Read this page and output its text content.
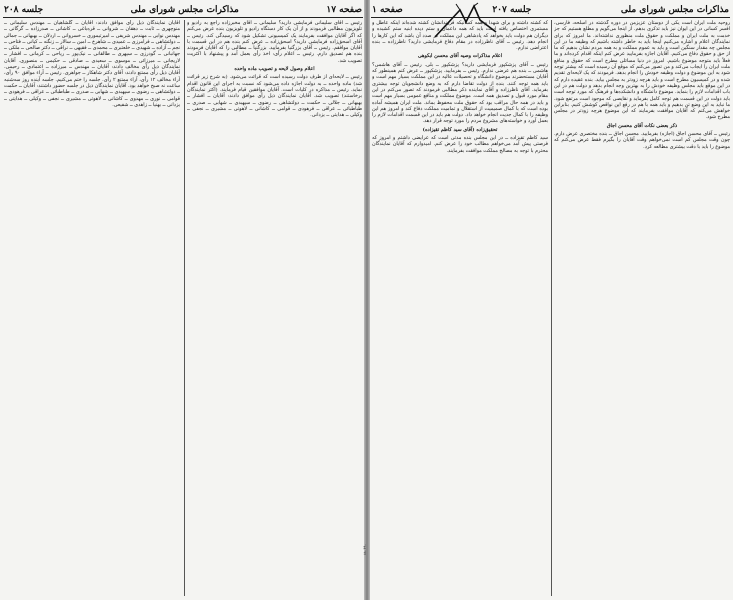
صفحه ۱	جلسه ۲۰۷	مذاکرات مجلس شورای ملی

روحیه ملت ایران است یکی از دوستان عزیزمن در دوره گذشته در اسلحه، فارسی، افسر کسانی در این ایوان نیز باید تذکری بدهم. از اینجا می‌گویم و مطلع هستیم که جز خدمت به ملت ایران و مملکت و حقوق ملت منظوری نداشته‌اند. ما امروز که برای نمایندگان اعلام و اشاره می‌کنیم اینجا باید به خاطر داشته باشیم که وظیفه ما در این مجلس چه مقدار سنگین است و باید به عموم مملکت و به همه مردم نشان بدهیم که ما از حق و حقوق دفاع می‌کنیم. آقایان اجازه بفرمایید عرض کنم اینکه اقدام کرده‌اند و ما فعلاً باید متوجه موضوع باشیم. امروز در دنیا مسائلی مطرح است که حقوق و منافع ملت ایران را ایجاب می‌کند و من تصور می‌کنم که موقع آن رسیده است که بیشتر توجه شود به این موضوع و دولت وظیفه خودش را انجام بدهد. فرمودند که یک لایحه‌ای تقدیم شده و در کمیسیون مطرح است و باید هرچه زودتر به مجلس بیاید. بنده عقیده دارم که در این موقع باید مجلس وظیفه خودش را به بهترین وجه انجام بدهد و دولت هم در این باب اقدامات لازم را بنماید. موضوع دانشگاه و دانشکده‌ها و فرهنگ که مورد توجه است باید دولت در این قسمت هم توجه کامل بفرماید و نقایصی که موجود است مرتفع شود. ما نباید به این وضع تن بدهیم و باید همه با هم در رفع این نواقص کوشش کنیم. بنابراین خواهش می‌کنم که آقایان موافقت بفرمایند که این موضوع هرچه زودتر در مجلس مطرح شود.

ذکر بعضی نکات آقای محسن اجاق

رئیس ــ آقای محسن اجاق (اجازه) بفرمایید. محسن اجاق ــ بنده مختصری عرض دارم. چون وقت مجلس کم است نمی‌خواهم وقت آقایان را بگیرم فقط عرض می‌کنم که موضوع را باید با دقت بیشتری مطالعه کرد.

که کشته داشته و برای شهدا و همه کسانیکه فرزندانشان کشته شده‌اند اینکه عاطل و مستمری اختصاص یافته است باید که همه داعمان و ستم دیده ابنیه ستم کشیده و دیگران هم دولت باید بخواهد که پادشاهی این مملکت در صدد آن باشد که این کارها را انجام دهد. رئیس ــ آقای ناظرزاده در مقام دفاع فرمایشی دارید؟ ناظرزاده ــ بنده اعتراضی ندارم.

اعلام مذاکرات وصیه آقای محسن ابکوهی

رئیس ــ آقای پزشکپور فرمایشی دارید؟ پزشکپور ــ بلی. رئیس ــ آقای هاشمی؟ هاشمی ــ بنده هم عرضی ندارم. رئیس ــ بفرمایید. پزشکپور ــ عرض کنم همینطور که آقایان مستحضرند موضوع دانشگاه و تحصیلات عالیه در این مملکت بسیار مهم است و باید همه توجه کنند. بنده از دولت تقاضا دارم که به وضع دانشجویان توجه بیشتری بفرماید. آقای ناظرزاده و آقای نماینده ذکر مطالبی فرمودند که تصور می‌کنم در این مقام مورد قبول و تصدیق همه است. موضوع مملکت و منافع عمومی بسیار مهم است و باید در همه حال مراقب بود که حقوق ملت محفوظ بماند. ملت ایران همیشه آماده بوده است که با کمال صمیمیت از استقلال و تمامیت مملکت دفاع کند و امروز هم این وظیفه را با کمال جدیت انجام خواهد داد. دولت هم باید در این قسمت اقدامات لازم را بعمل آورد و خواسته‌های مشروع مردم را مورد توجه قرار دهد.

تحقیق‌زاده (آقای سید کاظم تقیزاده)

سید کاظم تقیزاده ــ در این مجلس بنده مدتی است که عرایضی داشتم و امروز که فرصتی پیش آمد می‌خواهم مطالب خود را عرض کنم. امیدوارم که آقایان نمایندگان محترم با توجه به مصالح مملکت موافقت بفرمایند.

جلسه ۲۰۸	مذاکرات مجلس شورای ملی	صفحه ۱۷

رئیس ــ آقای سلیمانی فرمایشی دارید؟ سلیمانی ــ آقای مخبرزاده راجع به رادیو و تلویزیون مطالبی فرمودند و از آن یک کار دستگاه رادیو و تلویزیون بنده عرض می‌کنم که اگر آقایان موافقت بفرمایند یک کمیسیونی تشکیل شود که رسیدگی کند. رئیس ــ آقای اسحق‌زاده فرمایشی دارید؟ اسحق‌زاده ــ عرض کنم بنده هم در این قسمت با آقایان موافقم. رئیس ــ آقای بزرگنیا بفرمایید. بزرگنیا ــ مطالبی را که آقایان فرمودند بنده هم تصدیق دارم. رئیس ــ اعلام رأی: اخذ رأی بعمل آمد و پیشنهاد با اکثریت تصویب شد.

اعلام وصول لایحه و تصویب ماده واحده

رئیس ــ لایحه‌ای از طرف دولت رسیده است که قرائت می‌شود. (به شرح زیر قرائت شد) ماده واحده ــ به دولت اجازه داده می‌شود که نسبت به اجرای این قانون اقدام نماید. رئیس ــ مذاکره در کلیات است. آقایان موافقین قیام فرمایند. (اکثر نمایندگان برخاستند) تصویب شد. آقایان نمایندگان ذیل رأی موافق دادند: آقایان ــ افشار ــ بهبهانی ــ جلالی ــ حکمت ــ دولتشاهی ــ رضوی ــ سپهبدی ــ شهابی ــ صدری ــ طباطبائی ــ عراقی ــ فرهودی ــ قوامی ــ کاشانی ــ لاهوتی ــ مشیری ــ نجفی ــ وکیلی ــ هدایتی ــ یزدانی.

آقایان نمایندگان ذیل رأی موافق دادند: آقایان ــ گلشاهیان ــ مهندس سلیمانی ــ منوچهری ــ ثابت ــ دهقان ــ شروانی ــ قره‌باغی ــ کاشانی ــ صدرزاده ــ گرگانی ــ مهندس نوابی ــ مهندس شریفی ــ امیرتیموری ــ خسروانی ــ اردلان ــ بهبهانی ــ جمالی ــ دولتشاهی ــ فرامرزی ــ عمیدی ــ شاهرخ ــ امین ــ سالار ــ زنگنه ــ کیانی ــ فتاحی ــ نجم ــ آزاده ــ شهیدی ــ خلعتبری ــ محمدی ــ فقیهی ــ نراقی ــ دکتر صالحی ــ ملکی ــ جهانبانی ــ گودرزی ــ سپهری ــ طالقانی ــ نیک‌پور ــ ریاحی ــ کرمانی ــ افشار ــ لاریجانی ــ میرزائی ــ موسوی ــ سعیدی ــ صادقی ــ حکیمی ــ منصوری. آقایان نمایندگان ذیل رأی مخالف دادند: آقایان ــ مهندس ــ میرزاده ــ اعتمادی ــ رحیمی. آقایان ذیل رأی ممتنع دادند: آقای دکتر شاهکار ــ جواهری. رئیس ــ آراء موافق ۹۰ رأی، آراء مخالف ۱۲ رأی، آراء ممتنع ۲ رأی. جلسه را ختم می‌کنیم. جلسه آینده روز سه‌شنبه ساعت نه صبح خواهد بود. آقایان نمایندگان ذیل در جلسه حضور داشتند: آقایان ــ حکمت ــ دولتشاهی ــ رضوی ــ سپهبدی ــ شهابی ــ صدری ــ طباطبائی ــ عراقی ــ فرهودی ــ قوامی ــ نوری ــ مهدوی ــ کاشانی ــ لاهوتی ــ مشیری ــ نجفی ــ وکیلی ــ هدایتی ــ یزدانی ــ بهنیا ــ زاهدی ــ شفیعی.

۸۸۰۴۹۰
